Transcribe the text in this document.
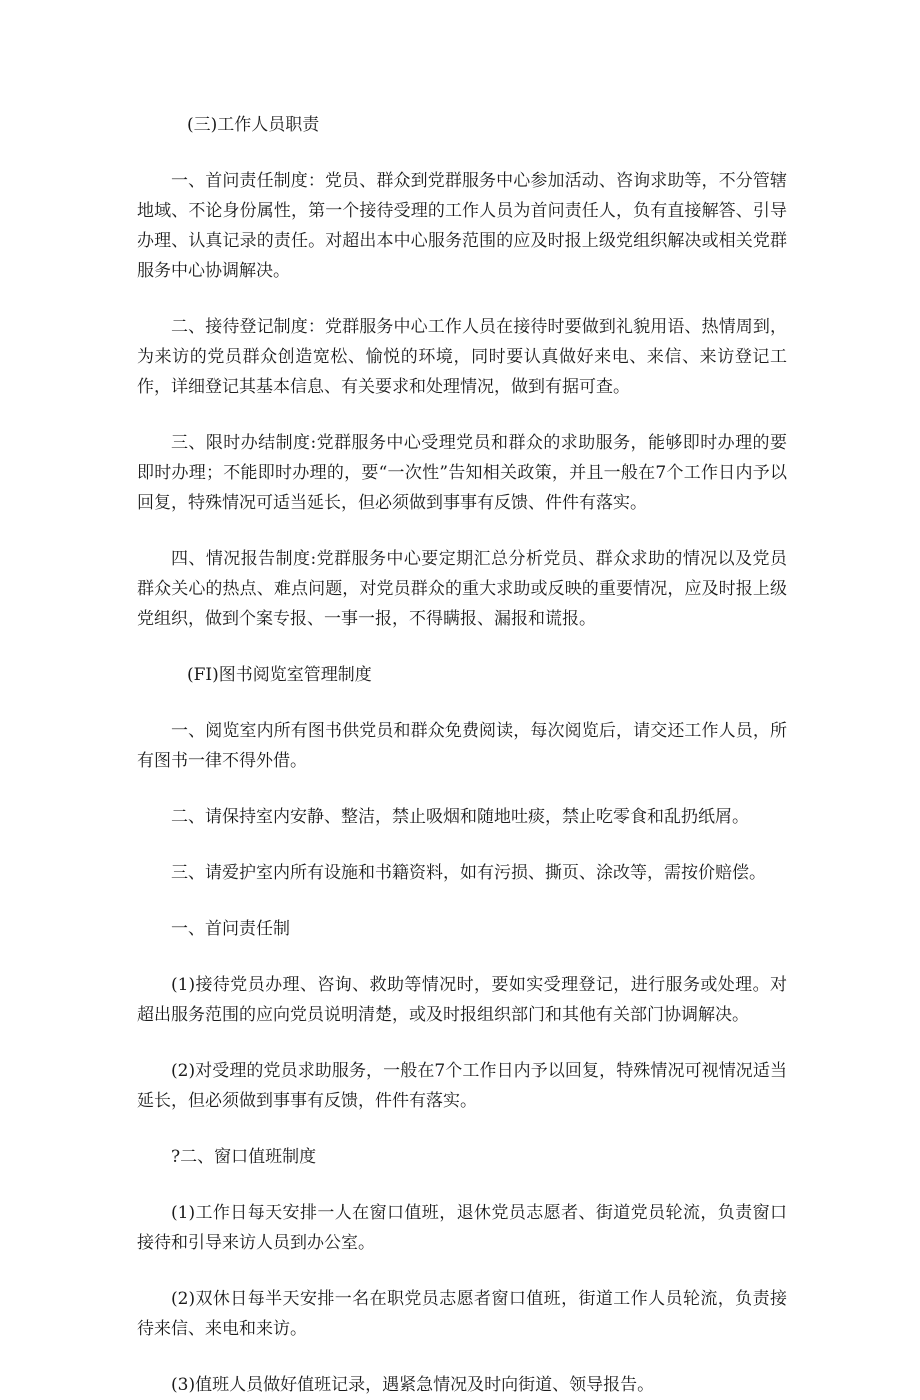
(三)工作人员职责

一、首问责任制度：党员、群众到党群服务中心参加活动、咨询求助等，不分管辖地域、不论身份属性，第一个接待受理的工作人员为首问责任人，负有直接解答、引导办理、认真记录的责任。对超出本中心服务范围的应及时报上级党组织解决或相关党群服务中心协调解决。

二、接待登记制度：党群服务中心工作人员在接待时要做到礼貌用语、热情周到，为来访的党员群众创造宽松、愉悦的环境，同时要认真做好来电、来信、来访登记工作，详细登记其基本信息、有关要求和处理情况，做到有据可查。

三、限时办结制度:党群服务中心受理党员和群众的求助服务，能够即时办理的要即时办理；不能即时办理的，要“一次性”告知相关政策，并且一般在7个工作日内予以回复，特殊情况可适当延长，但必须做到事事有反馈、件件有落实。

四、情况报告制度:党群服务中心要定期汇总分析党员、群众求助的情况以及党员群众关心的热点、难点问题，对党员群众的重大求助或反映的重要情况，应及时报上级党组织，做到个案专报、一事一报，不得瞒报、漏报和谎报。

(FI)图书阅览室管理制度

一、阅览室内所有图书供党员和群众免费阅读，每次阅览后，请交还工作人员，所有图书一律不得外借。

二、请保持室内安静、整洁，禁止吸烟和随地吐痰，禁止吃零食和乱扔纸屑。

三、请爱护室内所有设施和书籍资料，如有污损、撕页、涂改等，需按价赔偿。

一、首问责任制

(1)接待党员办理、咨询、救助等情况时，要如实受理登记，进行服务或处理。对超出服务范围的应向党员说明清楚，或及时报组织部门和其他有关部门协调解决。

(2)对受理的党员求助服务，一般在7个工作日内予以回复，特殊情况可视情况适当延长，但必须做到事事有反馈，件件有落实。

?二、窗口值班制度

(1)工作日每天安排一人在窗口值班，退休党员志愿者、街道党员轮流，负责窗口接待和引导来访人员到办公室。

(2)双休日每半天安排一名在职党员志愿者窗口值班，街道工作人员轮流，负责接待来信、来电和来访。

(3)值班人员做好值班记录，遇紧急情况及时向街道、领导报告。
